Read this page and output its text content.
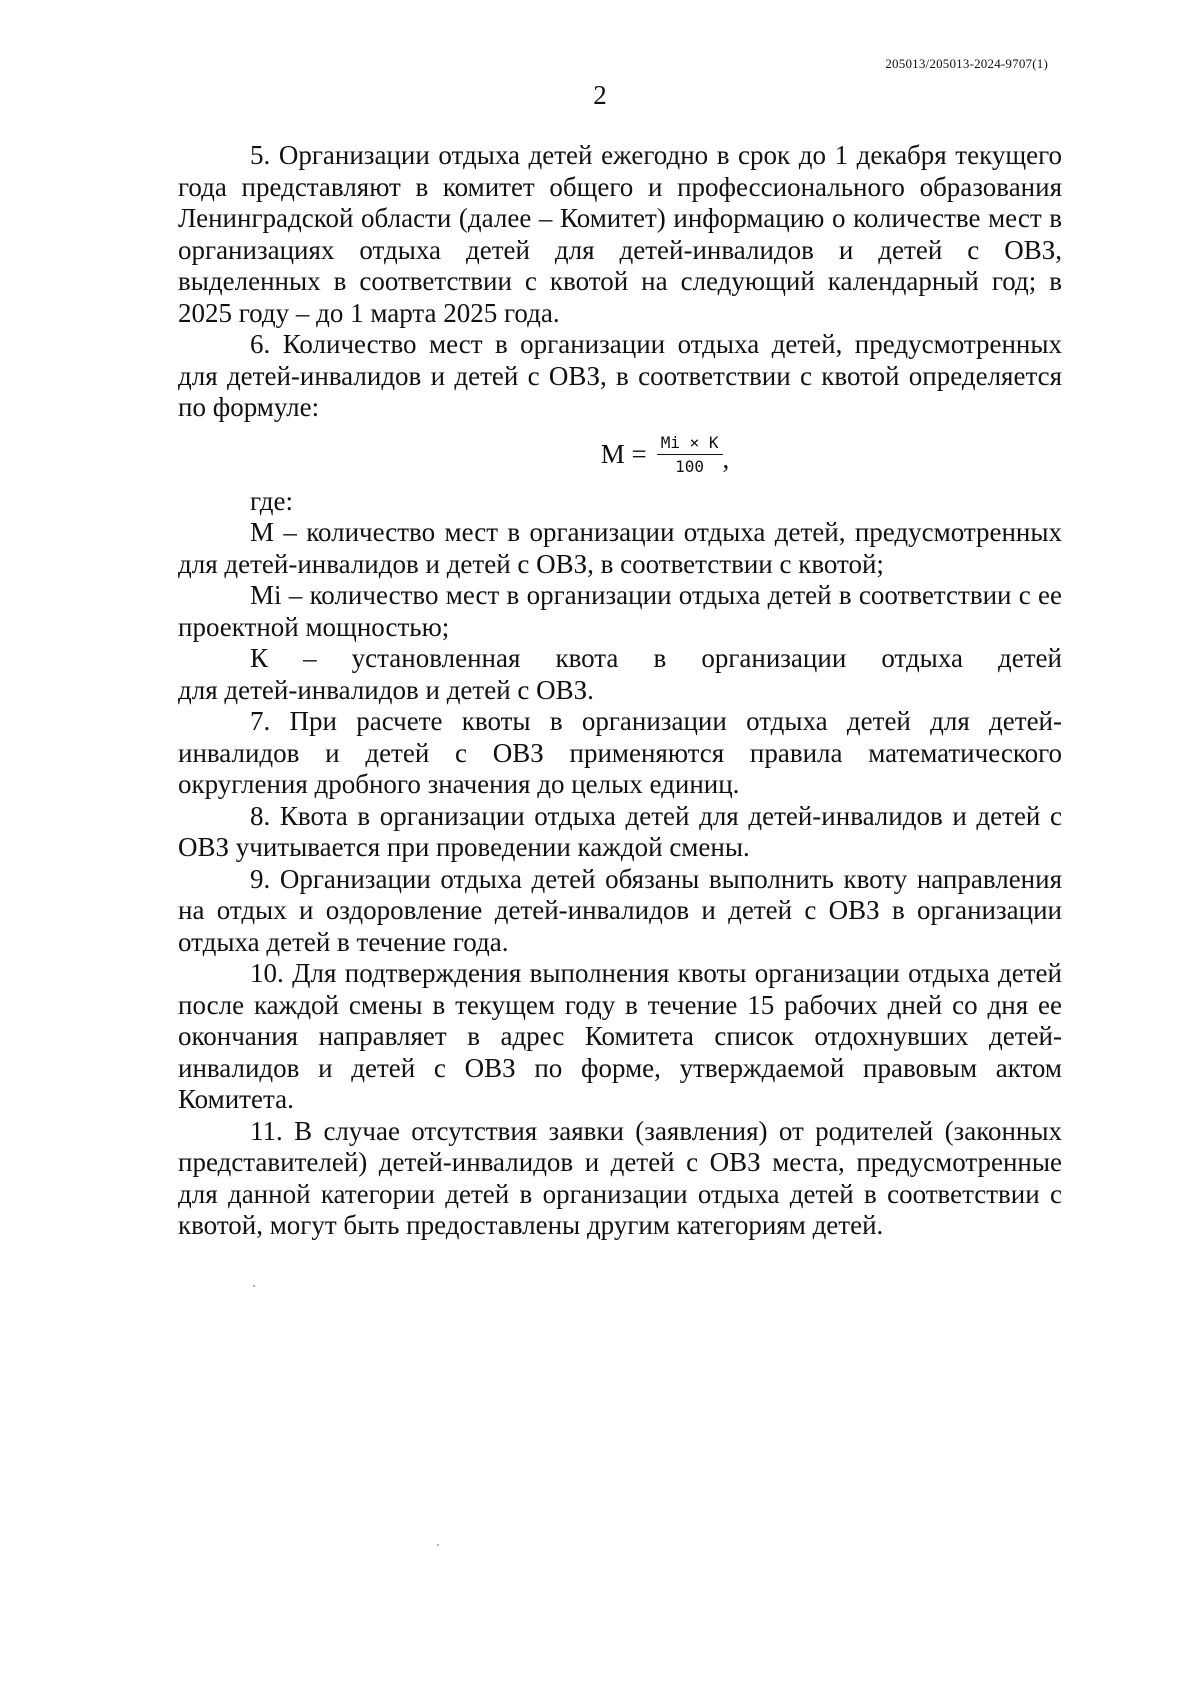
205013/205013-2024-9707(1)
2

5. Организации отдыха детей ежегодно в срок до 1 декабря текущего года представляют в комитет общего и профессионального образования Ленинградской области (далее – Комитет) информацию о количестве мест в организациях отдыха детей для детей-инвалидов и детей с ОВЗ, выделенных в соответствии с квотой на следующий календарный год; в 2025 году – до 1 марта 2025 года.

6. Количество мест в организации отдыха детей, предусмотренных для детей-инвалидов и детей с ОВЗ, в соответствии с квотой определяется по формуле:

$М = \frac{Mi \times K}{100}$ ,

где:

М – количество мест в организации отдыха детей, предусмотренных для детей-инвалидов и детей с ОВЗ, в соответствии с квотой;

Мi – количество мест в организации отдыха детей в соответствии с ее проектной мощностью;

К – установленная квота в организации отдыха детей

для детей-инвалидов и детей с ОВЗ.

7. При расчете квоты в организации отдыха детей для детей-инвалидов и детей с ОВЗ применяются правила математического округления дробного значения до целых единиц.

8. Квота в организации отдыха детей для детей-инвалидов и детей с ОВЗ учитывается при проведении каждой смены.

9. Организации отдыха детей обязаны выполнить квоту направления на отдых и оздоровление детей-инвалидов и детей с ОВЗ в организации отдыха детей в течение года.

10. Для подтверждения выполнения квоты организации отдыха детей после каждой смены в текущем году в течение 15 рабочих дней со дня ее окончания направляет в адрес Комитета список отдохнувших детей-инвалидов и детей с ОВЗ по форме, утверждаемой правовым актом Комитета.

11. В случае отсутствия заявки (заявления) от родителей (законных представителей) детей-инвалидов и детей с ОВЗ места, предусмотренные для данной категории детей в организации отдыха детей в соответствии с квотой, могут быть предоставлены другим категориям детей.
